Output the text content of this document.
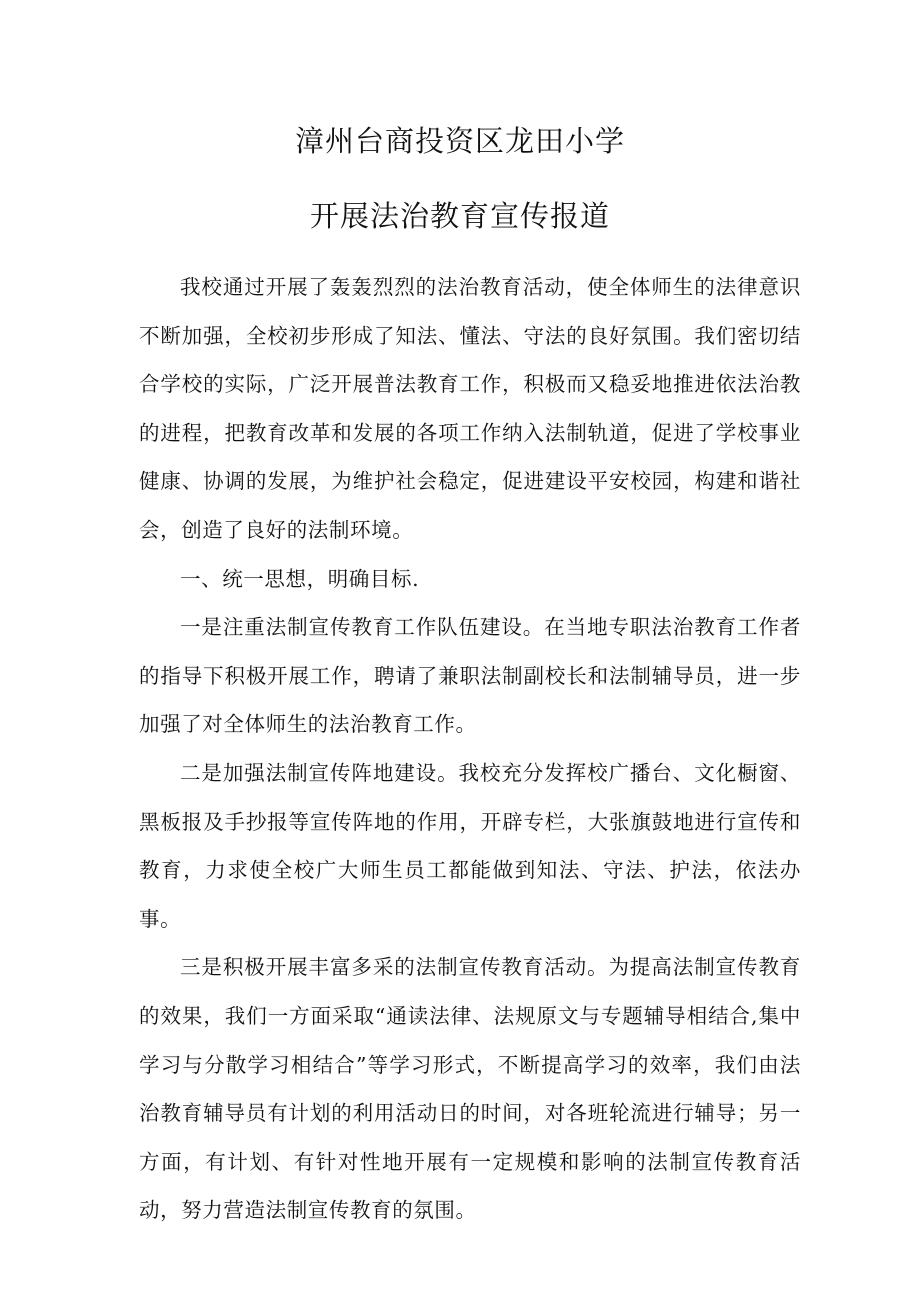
漳州台商投资区龙田小学
开展法治教育宣传报道

我校通过开展了轰轰烈烈的法治教育活动，使全体师生的法律意识不断加强，全校初步形成了知法、懂法、守法的良好氛围。我们密切结合学校的实际，广泛开展普法教育工作，积极而又稳妥地推进依法治教的进程，把教育改革和发展的各项工作纳入法制轨道，促进了学校事业健康、协调的发展，为维护社会稳定，促进建设平安校园，构建和谐社会，创造了良好的法制环境。

一、统一思想，明确目标.

一是注重法制宣传教育工作队伍建设。在当地专职法治教育工作者的指导下积极开展工作，聘请了兼职法制副校长和法制辅导员，进一步加强了对全体师生的法治教育工作。

二是加强法制宣传阵地建设。我校充分发挥校广播台、文化橱窗、黑板报及手抄报等宣传阵地的作用，开辟专栏，大张旗鼓地进行宣传和教育，力求使全校广大师生员工都能做到知法、守法、护法，依法办事。

三是积极开展丰富多采的法制宣传教育活动。为提高法制宣传教育的效果，我们一方面采取“通读法律、法规原文与专题辅导相结合,集中学习与分散学习相结合”等学习形式，不断提高学习的效率，我们由法治教育辅导员有计划的利用活动日的时间，对各班轮流进行辅导；另一方面，有计划、有针对性地开展有一定规模和影响的法制宣传教育活动，努力营造法制宣传教育的氛围。
